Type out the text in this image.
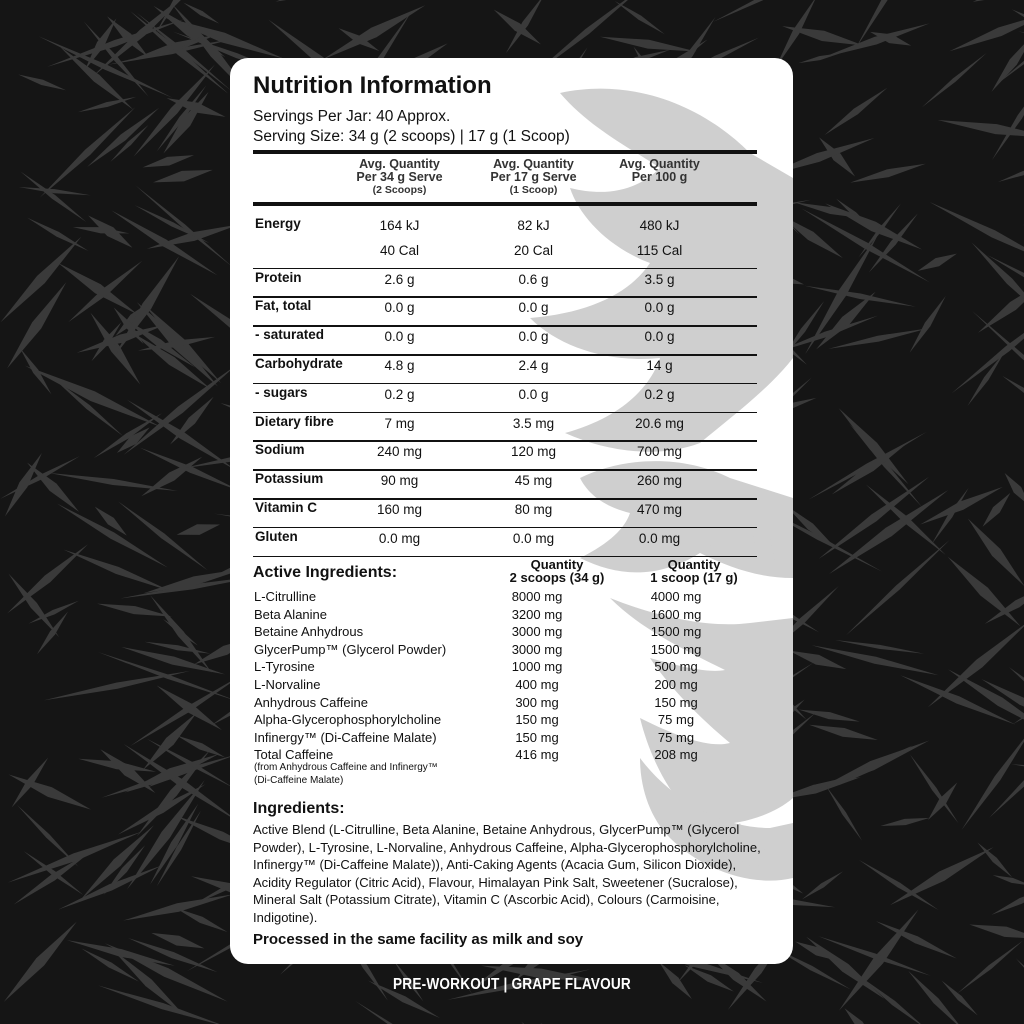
Nutrition Information
Servings Per Jar: 40 Approx.
Serving Size: 34 g (2 scoops) | 17 g (1 Scoop)
Avg. Quantity
Per 34 g Serve
(2 Scoops)
Avg. Quantity
Per 17 g Serve
(1 Scoop)
Avg. Quantity
Per 100 g
Energy	164 kJ	82 kJ	480 kJ
40 Cal	20 Cal	115 Cal
Protein	2.6 g	0.6 g	3.5 g
Fat, total	0.0 g	0.0 g	0.0 g
- saturated	0.0 g	0.0 g	0.0 g
Carbohydrate	4.8 g	2.4 g	14 g
- sugars	0.2 g	0.0 g	0.2 g
Dietary fibre	7 mg	3.5 mg	20.6 mg
Sodium	240 mg	120 mg	700 mg
Potassium	90 mg	45 mg	260 mg
Vitamin C	160 mg	80 mg	470 mg
Gluten	0.0 mg	0.0 mg	0.0 mg
Active Ingredients:	Quantity
2 scoops (34 g)
Quantity
1 scoop (17 g)
L-Citrulline	8000 mg	4000 mg
Beta Alanine	3200 mg	1600 mg
Betaine Anhydrous	3000 mg	1500 mg
GlycerPump™ (Glycerol Powder)	3000 mg	1500 mg
L-Tyrosine	1000 mg	500 mg
L-Norvaline	400 mg	200 mg
Anhydrous Caffeine	300 mg	150 mg
Alpha-Glycerophosphorylcholine	150 mg	75 mg
Infinergy™ (Di-Caffeine Malate)	150 mg	75 mg
Total Caffeine	416 mg	208 mg
(from Anhydrous Caffeine and Infinergy™
(Di-Caffeine Malate)
Ingredients:
Active Blend (L-Citrulline, Beta Alanine, Betaine Anhydrous, GlycerPump™ (Glycerol Powder), L-Tyrosine, L-Norvaline, Anhydrous Caffeine, Alpha-Glycerophosphorylcholine, Infinergy™ (Di-Caffeine Malate)), Anti-Caking Agents (Acacia Gum, Silicon Dioxide), Acidity Regulator (Citric Acid), Flavour, Himalayan Pink Salt, Sweetener (Sucralose), Mineral Salt (Potassium Citrate), Vitamin C (Ascorbic Acid), Colours (Carmoisine, Indigotine).
Processed in the same facility as milk and soy
PRE-WORKOUT | GRAPE FLAVOUR
